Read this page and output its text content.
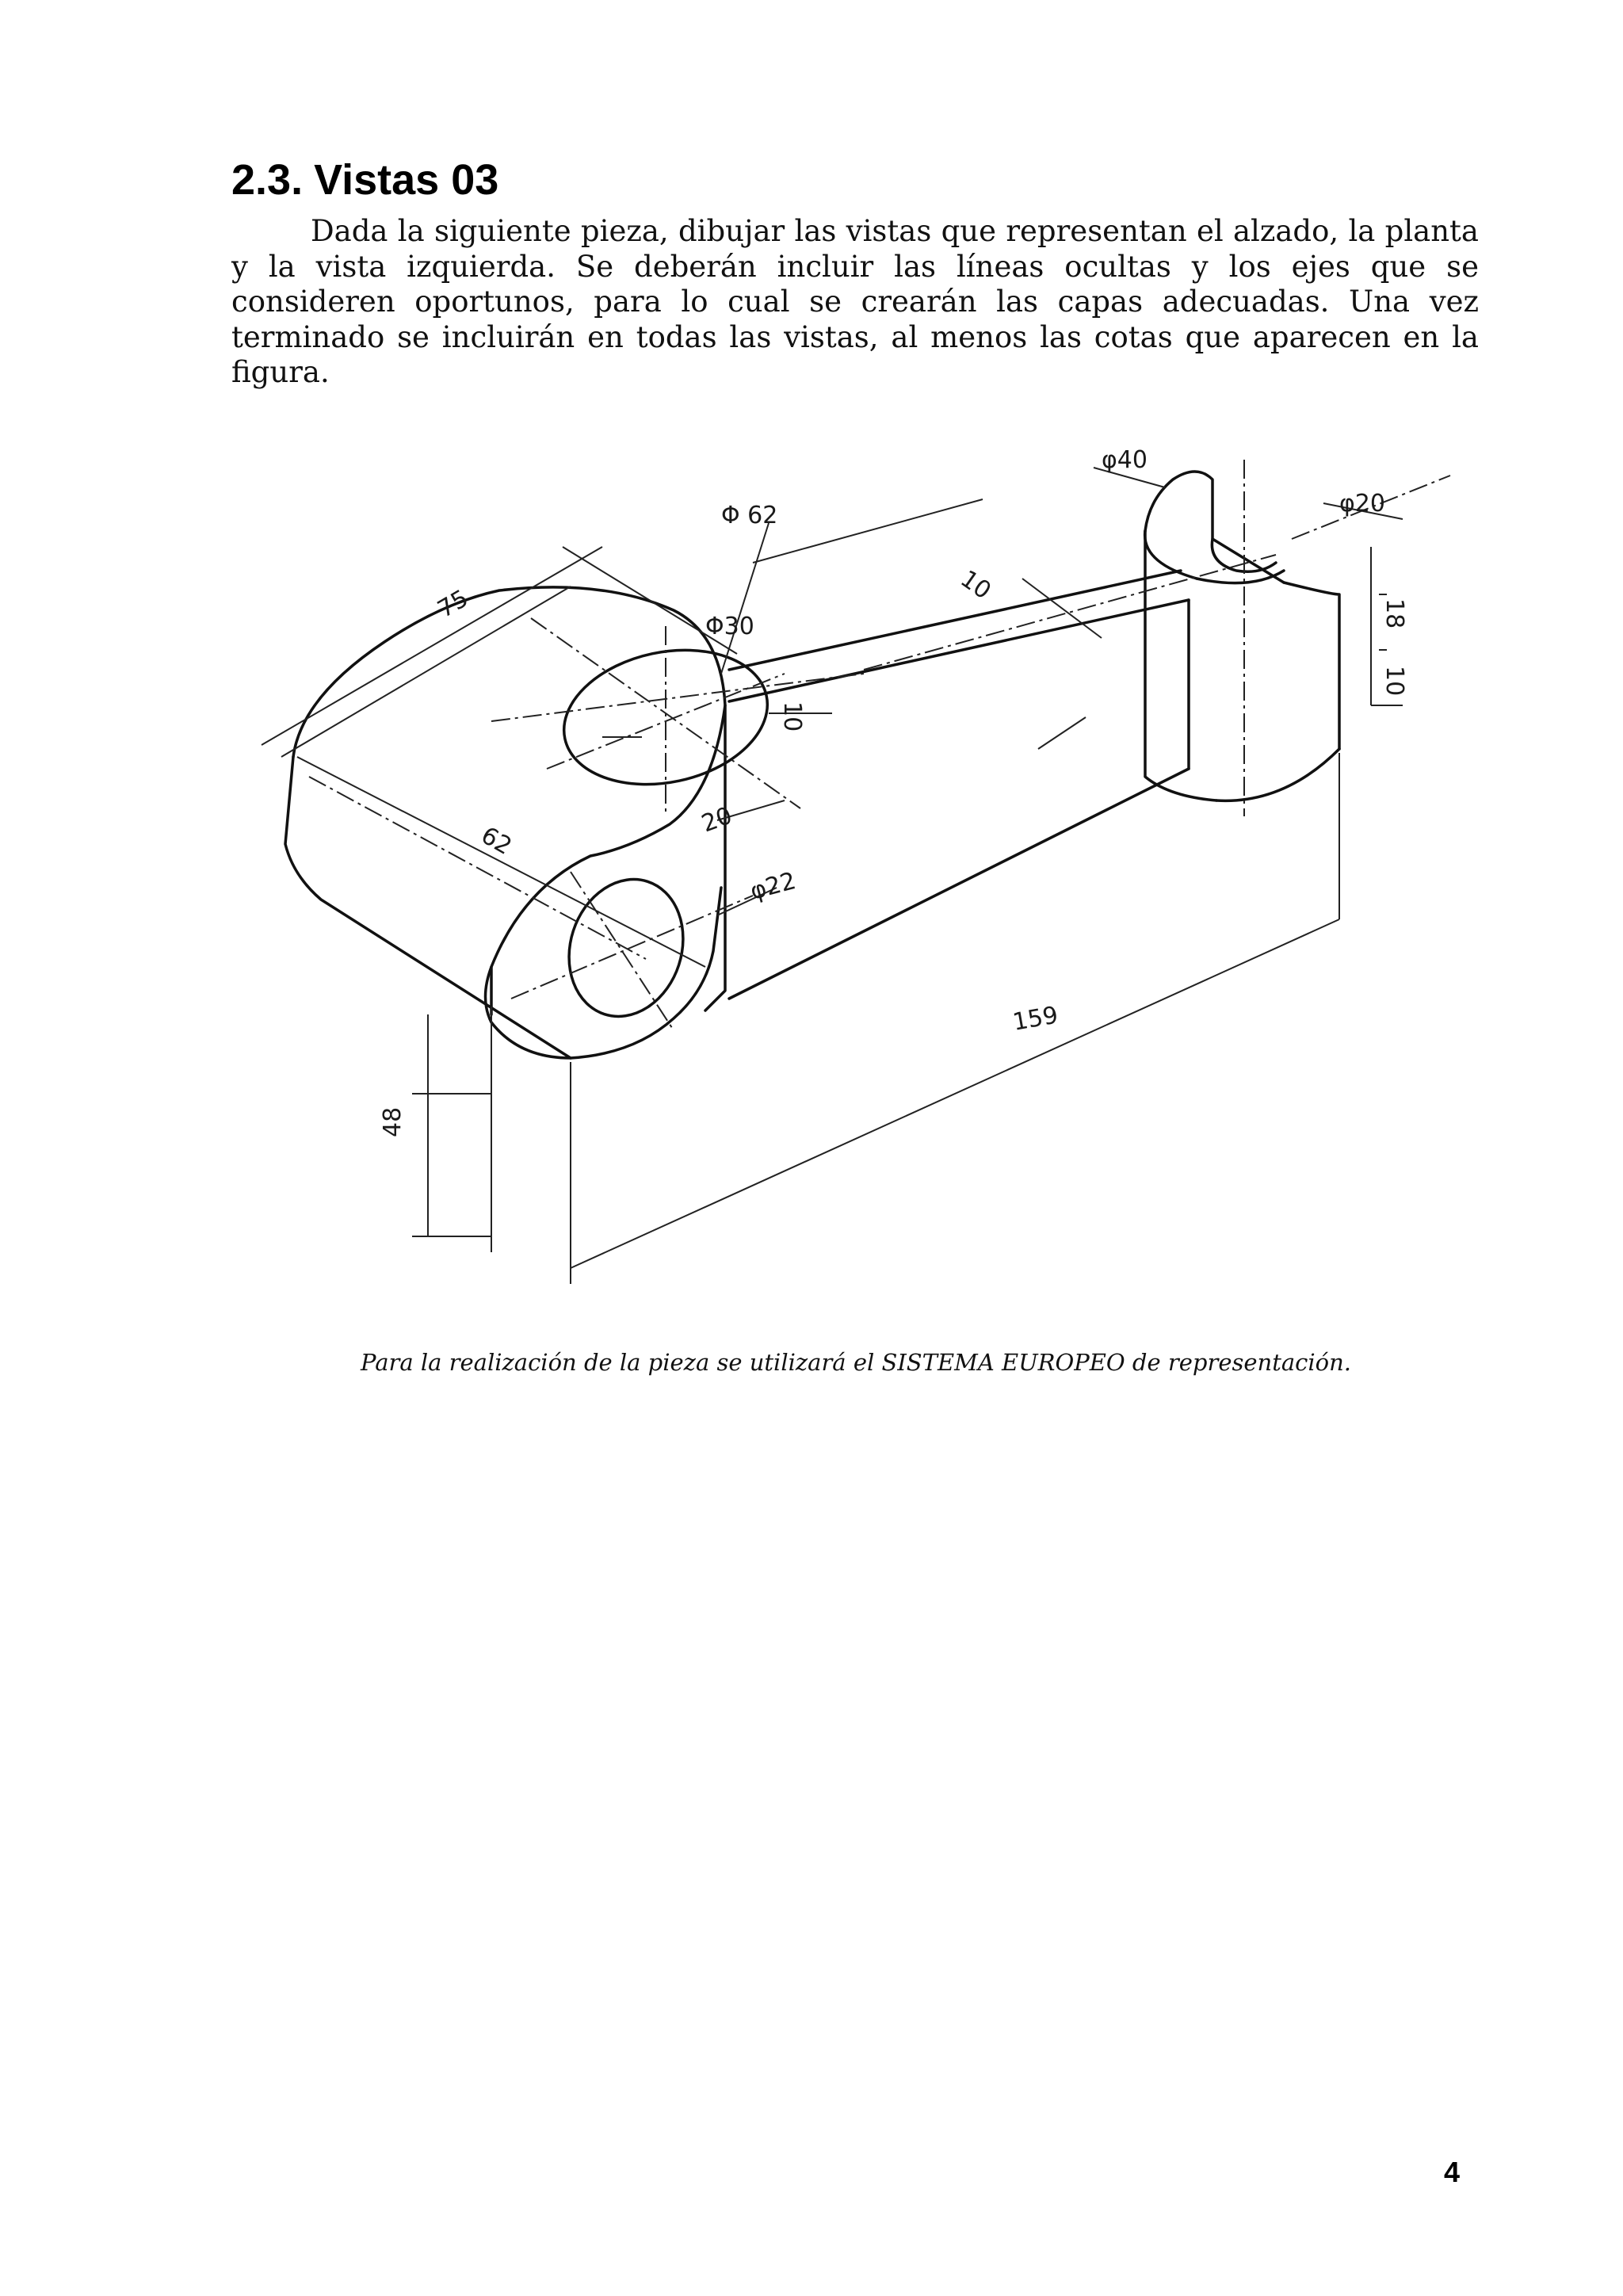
2.3. Vistas 03

Dada la siguiente pieza, dibujar las vistas que representan el alzado, la planta y la vista izquierda. Se deberán incluir las líneas ocultas y los ejes que se consideren oportunos, para lo cual se crearán las capas adecuadas. Una vez terminado se incluirán en todas las vistas, al menos las cotas que aparecen en la figura.

75
Φ 62
φ40
φ20
10
Φ30
10
18
10
20
62
φ22
159
48

Para la realización de la pieza se utilizará el SISTEMA EUROPEO de representación.

4
